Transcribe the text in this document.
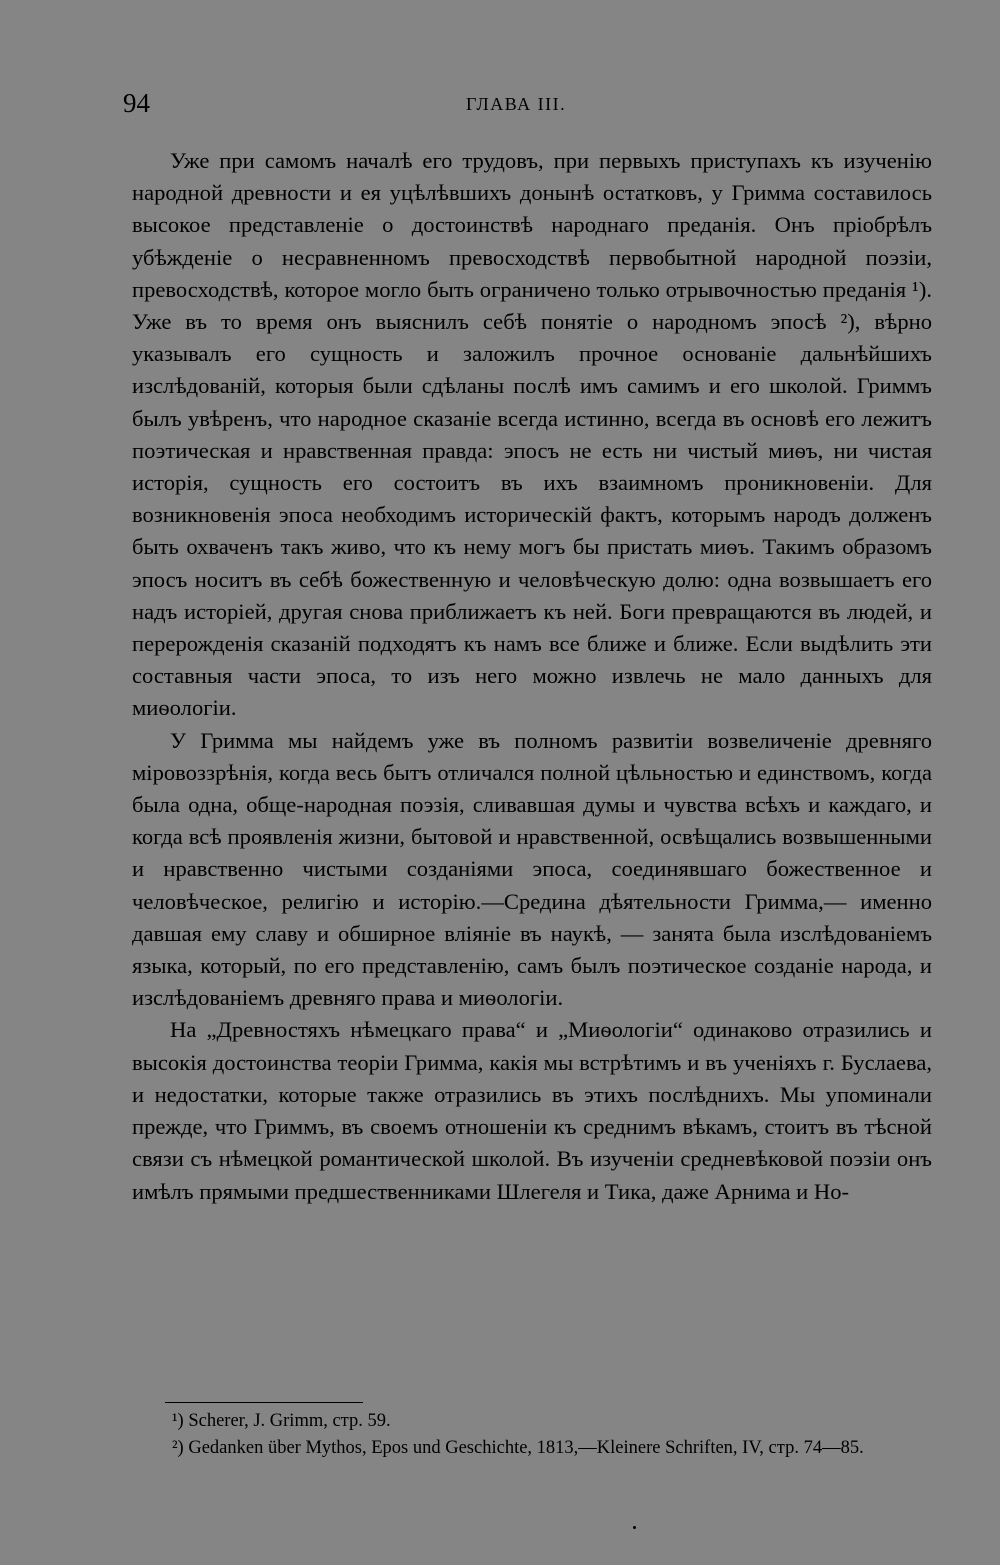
94	ГЛАВА III.

Уже при самомъ началѣ его трудовъ, при первыхъ приступахъ къ изученію народной древности и ея уцѣлѣвшихъ донынѣ остатковъ, у Гримма составилось высокое представленіе о достоинствѣ народнаго преданія. Онъ пріобрѣлъ убѣжденіе о несравненномъ превосходствѣ первобытной народной поэзіи, превосходствѣ, которое могло быть ограничено только отрывочностью преданія ¹). Уже въ то время онъ выяснилъ себѣ понятіе о народномъ эпосѣ ²), вѣрно указывалъ его сущность и заложилъ прочное основаніе дальнѣйшихъ изслѣдованій, которыя были сдѣланы послѣ имъ самимъ и его школой. Гриммъ былъ увѣренъ, что народное сказаніе всегда истинно, всегда въ основѣ его лежитъ поэтическая и нравственная правда: эпосъ не есть ни чистый миѳъ, ни чистая исторія, сущность его состоитъ въ ихъ взаимномъ проникновеніи. Для возникновенія эпоса необходимъ историческій фактъ, которымъ народъ долженъ быть охваченъ такъ живо, что къ нему могъ бы пристать миѳъ. Такимъ образомъ эпосъ носитъ въ себѣ божественную и человѣческую долю: одна возвышаетъ его надъ исторіей, другая снова приближаетъ къ ней. Боги превращаются въ людей, и перерожденія сказаній подходятъ къ намъ все ближе и ближе. Если выдѣлить эти составныя части эпоса, то изъ него можно извлечь не мало данныхъ для миѳологіи.

У Гримма мы найдемъ уже въ полномъ развитіи возвеличеніе древняго міровоззрѣнія, когда весь бытъ отличался полной цѣльностью и единствомъ, когда была одна, обще-народная поэзія, сливавшая думы и чувства всѣхъ и каждаго, и когда всѣ проявленія жизни, бытовой и нравственной, освѣщались возвышенными и нравственно чистыми созданіями эпоса, соединявшаго божественное и человѣческое, религію и исторію.—Средина дѣятельности Гримма,— именно давшая ему славу и обширное вліяніе въ наукѣ, — занята была изслѣдованіемъ языка, который, по его представленію, самъ былъ поэтическое созданіе народа, и изслѣдованіемъ древняго права и миѳологіи.

На „Древностяхъ нѣмецкаго права“ и „Миѳологіи“ одинаково отразились и высокія достоинства теоріи Гримма, какія мы встрѣтимъ и въ ученіяхъ г. Буслаева, и недостатки, которые также отразились въ этихъ послѣднихъ. Мы упоминали прежде, что Гриммъ, въ своемъ отношеніи къ среднимъ вѣкамъ, стоитъ въ тѣсной связи съ нѣмецкой романтической школой. Въ изученіи средневѣковой поэзіи онъ имѣлъ прямыми предшественниками Шлегеля и Тика, даже Арнима и Но-

¹) Scherer, J. Grimm, стр. 59.

²) Gedanken über Mythos, Epos und Geschichte, 1813,—Kleinere Schriften, IV, стр. 74—85.
